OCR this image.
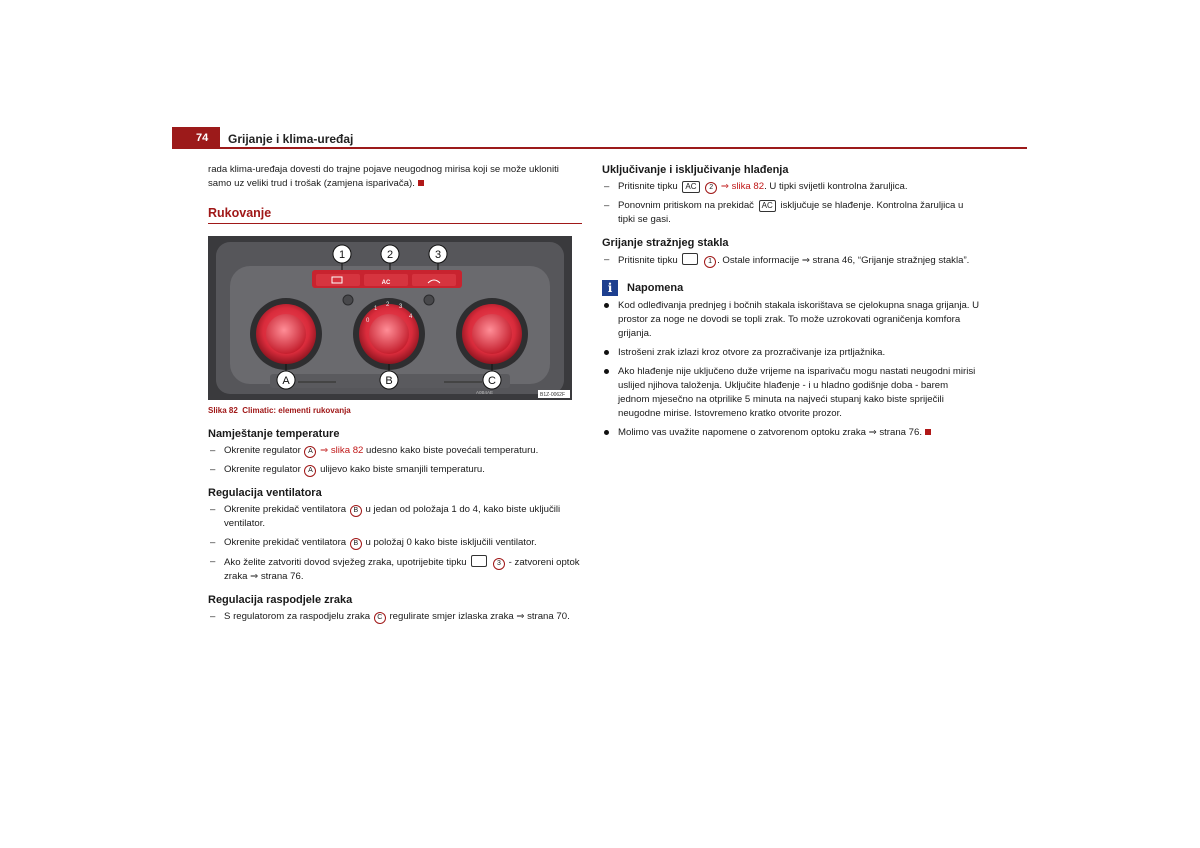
74 Grijanje i klima-uređaj

rada klima-uređaja dovesti do trajne pojave neugodnog mirisa koji se može ukloniti samo uz veliki trud i trošak (zamjena isparivača).

Rukovanje
AC
0
1
2 3
4
1	2	3
A	B	C
A0B4AE	B1Z-0062F
Slika 82 Climatic: elementi rukovanja
Namještanje temperature
– Okrenite regulator A ⇒ slika 82 udesno kako biste povećali temperaturu.
– Okrenite regulator A ulijevo kako biste smanjili temperaturu.
Regulacija ventilatora
– Okrenite prekidač ventilatora B u jedan od položaja 1 do 4, kako biste uključili ventilator.
– Okrenite prekidač ventilatora B u položaj 0 kako biste isključili ventilator.
– Ako želite zatvoriti dovod svježeg zraka, upotrijebite tipku	3 - zatvoreni optok zraka ⇒ strana 76.
Regulacija raspodjele zraka
– S regulatorom za raspodjelu zraka C regulirate smjer izlaska zraka ⇒ strana 70.
Uključivanje i isključivanje hlađenja
– Pritisnite tipku AC 2 ⇒ slika 82. U tipki svijetli kontrolna žaruljica.
– Ponovnim pritiskom na prekidač AC isključuje se hlađenje. Kontrolna žaruljica u tipki se gasi.
Grijanje stražnjeg stakla
– Pritisnite tipku	1 . Ostale informacije ⇒ strana 46, “Grijanje stražnjeg stakla”.
i	Napomena
Kod odleđivanja prednjeg i bočnih stakala iskorištava se cjelokupna snaga grijanja. U prostor za noge ne dovodi se topli zrak. To može uzrokovati ograničenja komfora grijanja.
Istrošeni zrak izlazi kroz otvore za prozračivanje iza prtljažnika.
Ako hlađenje nije uključeno duže vrijeme na isparivaču mogu nastati neugodni mirisi uslijed njihova taloženja. Uključite hlađenje - i u hladno godišnje doba - barem jednom mjesečno na otprilike 5 minuta na najveći stupanj kako biste spriječili neugodne mirise. Istovremeno kratko otvorite prozor.
Molimo vas uvažite napomene o zatvorenom optoku zraka ⇒ strana 76.
